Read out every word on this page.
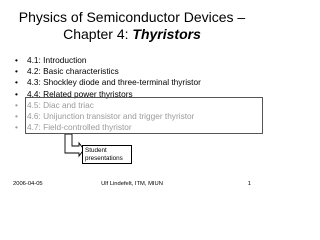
Physics of Semiconductor Devices –
Chapter 4: Thyristors
• 4.1: Introduction
• 4.2: Basic characteristics
• 4.3: Shockley diode and three-terminal thyristor
• 4.4: Related power thyristors
• 4.5: Diac and triac
• 4.6: Unijunction transistor and trigger thyristor
• 4.7: Field-controlled thyristor
Student
presentations
2006-04-05	Ulf Lindefelt, ITM, MIUN	1
